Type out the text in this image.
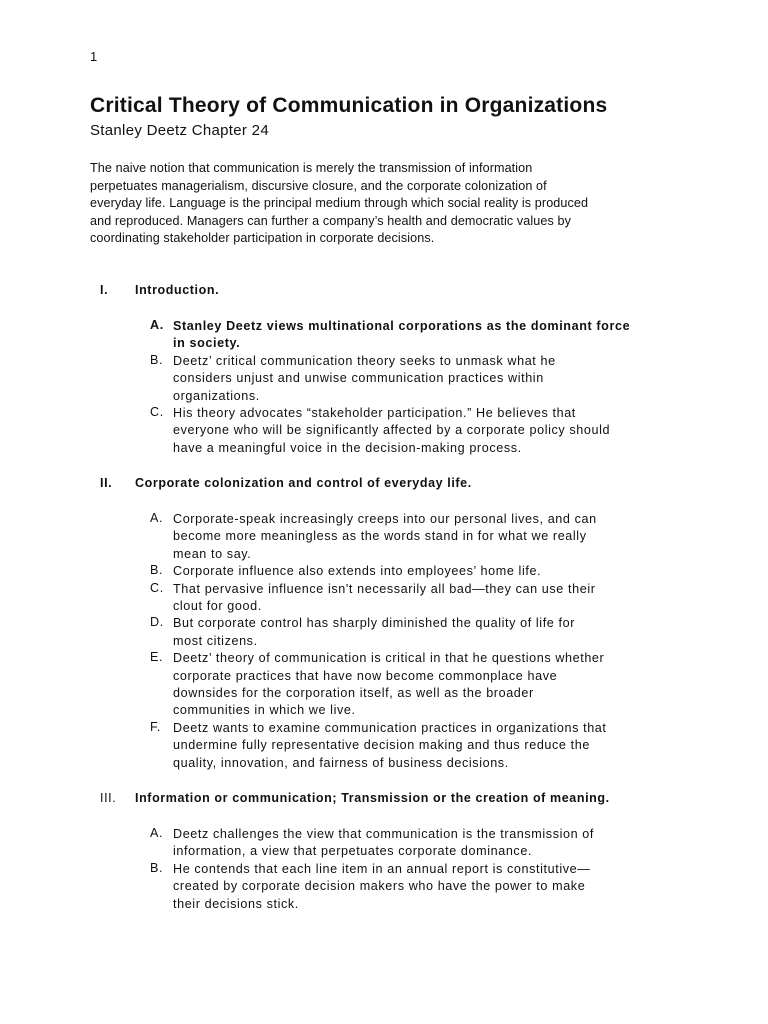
1
Critical Theory of Communication in Organizations
Stanley Deetz Chapter 24
The naive notion that communication is merely the transmission of information
perpetuates managerialism, discursive closure, and the corporate colonization of
everyday life. Language is the principal medium through which social reality is produced
and reproduced. Managers can further a company’s health and democratic values by
coordinating stakeholder participation in corporate decisions.
I.	Introduction.
A. Stanley Deetz views multinational corporations as the dominant force
in society.
B. Deetz’ critical communication theory seeks to unmask what he
considers unjust and unwise communication practices within
organizations.
C. His theory advocates “stakeholder participation.” He believes that
everyone who will be significantly affected by a corporate policy should
have a meaningful voice in the decision-making process.
II.	Corporate colonization and control of everyday life.
A. Corporate-speak increasingly creeps into our personal lives, and can
become more meaningless as the words stand in for what we really
mean to say.
B. Corporate influence also extends into employees’ home life.
C. That pervasive influence isn't necessarily all bad—they can use their
clout for good.
D. But corporate control has sharply diminished the quality of life for
most citizens.
E. Deetz’ theory of communication is critical in that he questions whether
corporate practices that have now become commonplace have
downsides for the corporation itself, as well as the broader
communities in which we live.
F. Deetz wants to examine communication practices in organizations that
undermine fully representative decision making and thus reduce the
quality, innovation, and fairness of business decisions.
III.	Information or communication; Transmission or the creation of meaning.
A. Deetz challenges the view that communication is the transmission of
information, a view that perpetuates corporate dominance.
B. He contends that each line item in an annual report is constitutive—
created by corporate decision makers who have the power to make
their decisions stick.
